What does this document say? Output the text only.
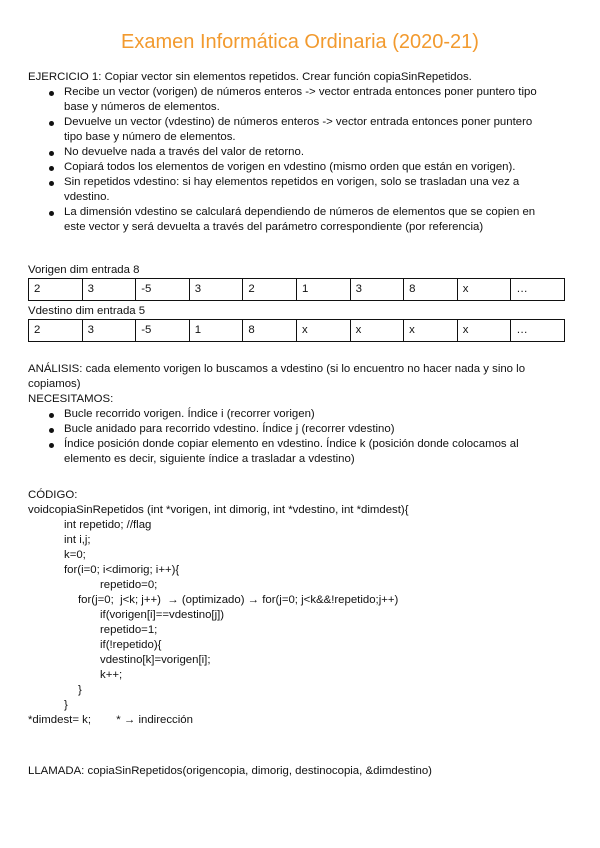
Examen Informática Ordinaria (2020-21)
EJERCICIO 1: Copiar vector sin elementos repetidos. Crear función copiaSinRepetidos.
Recibe un vector (vorigen) de números enteros -> vector entrada entonces poner puntero tipo
base y números de elementos.
Devuelve un vector (vdestino) de números enteros -> vector entrada entonces poner puntero
tipo base y número de elementos.
No devuelve nada a través del valor de retorno.
Copiará todos los elementos de vorigen en vdestino (mismo orden que están en vorigen).
Sin repetidos vdestino: si hay elementos repetidos en vorigen, solo se trasladan una vez a
vdestino.
La dimensión vdestino se calculará dependiendo de números de elementos que se copien en
este vector y será devuelta a través del parámetro correspondiente (por referencia)
Vorigen dim entrada 8
2	3	-5	3	2	1	3	8	x	…
Vdestino dim entrada 5
2	3	-5	1	8	x	x	x	x	…
ANÁLISIS: cada elemento vorigen lo buscamos a vdestino (si lo encuentro no hacer nada y sino lo
copiamos)
NECESITAMOS:
Bucle recorrido vorigen. Índice i (recorrer vorigen)
Bucle anidado para recorrido vdestino. Índice j (recorrer vdestino)
Índice posición donde copiar elemento en vdestino. Índice k (posición donde colocamos al
elemento es decir, siguiente índice a trasladar a vdestino)
CÓDIGO:
voidcopiaSinRepetidos (int *vorigen, int dimorig, int *vdestino, int *dimdest){
int repetido; //flag
int i,j;
k=0;
for(i=0; i<dimorig; i++){
repetido=0;
for(j=0;  j<k; j++)  → (optimizado) → for(j=0; j<k&&!repetido;j++)
if(vorigen[i]==vdestino[j])
repetido=1;
if(!repetido){
vdestino[k]=vorigen[i];
k++;
}
}
*dimdest= k;        * → indirección
LLAMADA: copiaSinRepetidos(origencopia, dimorig, destinocopia, &dimdestino)
